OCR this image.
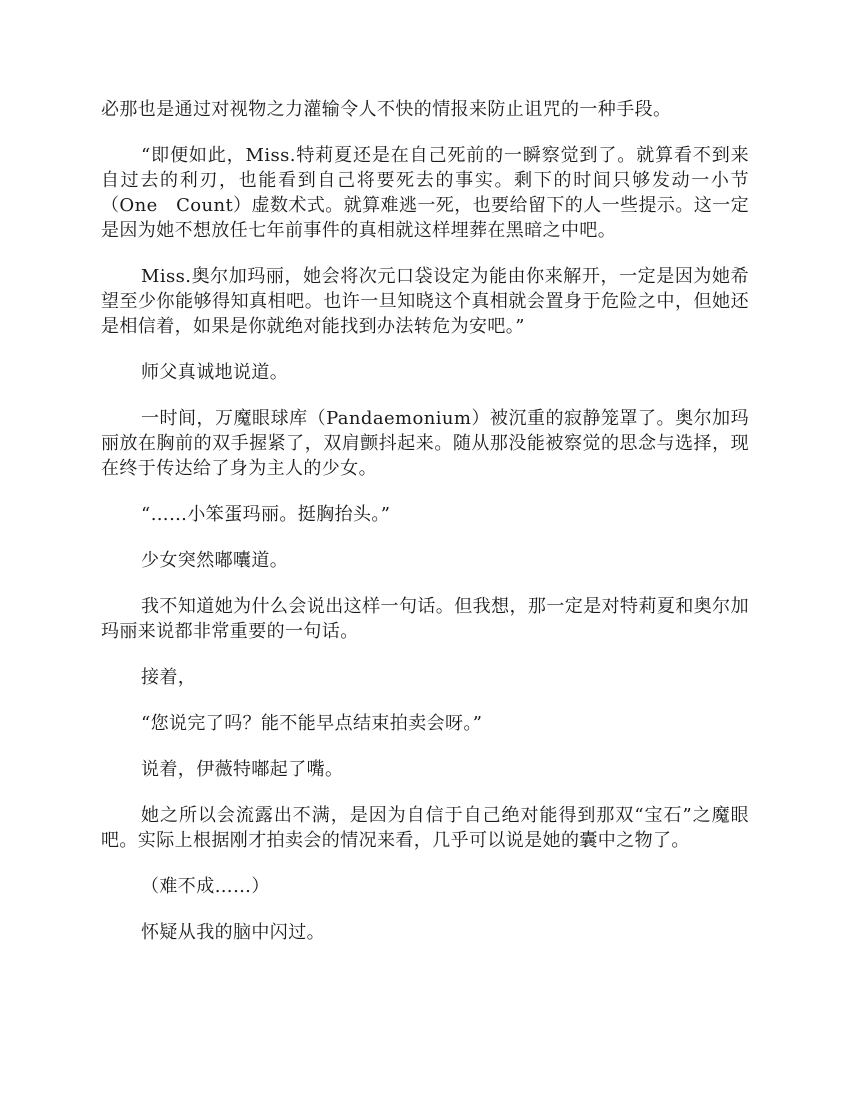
必那也是通过对视物之力灌输令人不快的情报来防止诅咒的一种手段。

“即便如此，Miss.特莉夏还是在自己死前的一瞬察觉到了。就算看不到来自过去的利刃，也能看到自己将要死去的事实。剩下的时间只够发动一小节（One　Count）虚数术式。就算难逃一死，也要给留下的人一些提示。这一定是因为她不想放任七年前事件的真相就这样埋葬在黑暗之中吧。

Miss.奥尔加玛丽，她会将次元口袋设定为能由你来解开，一定是因为她希望至少你能够得知真相吧。也许一旦知晓这个真相就会置身于危险之中，但她还是相信着，如果是你就绝对能找到办法转危为安吧。”

师父真诚地说道。

一时间，万魔眼球库（Pandaemonium）被沉重的寂静笼罩了。奥尔加玛丽放在胸前的双手握紧了，双肩颤抖起来。随从那没能被察觉的思念与选择，现在终于传达给了身为主人的少女。

“……小笨蛋玛丽。挺胸抬头。”

少女突然嘟囔道。

我不知道她为什么会说出这样一句话。但我想，那一定是对特莉夏和奥尔加玛丽来说都非常重要的一句话。

接着，

“您说完了吗？能不能早点结束拍卖会呀。”

说着，伊薇特嘟起了嘴。

她之所以会流露出不满，是因为自信于自己绝对能得到那双“宝石”之魔眼吧。实际上根据刚才拍卖会的情况来看，几乎可以说是她的囊中之物了。

（难不成……）

怀疑从我的脑中闪过。
